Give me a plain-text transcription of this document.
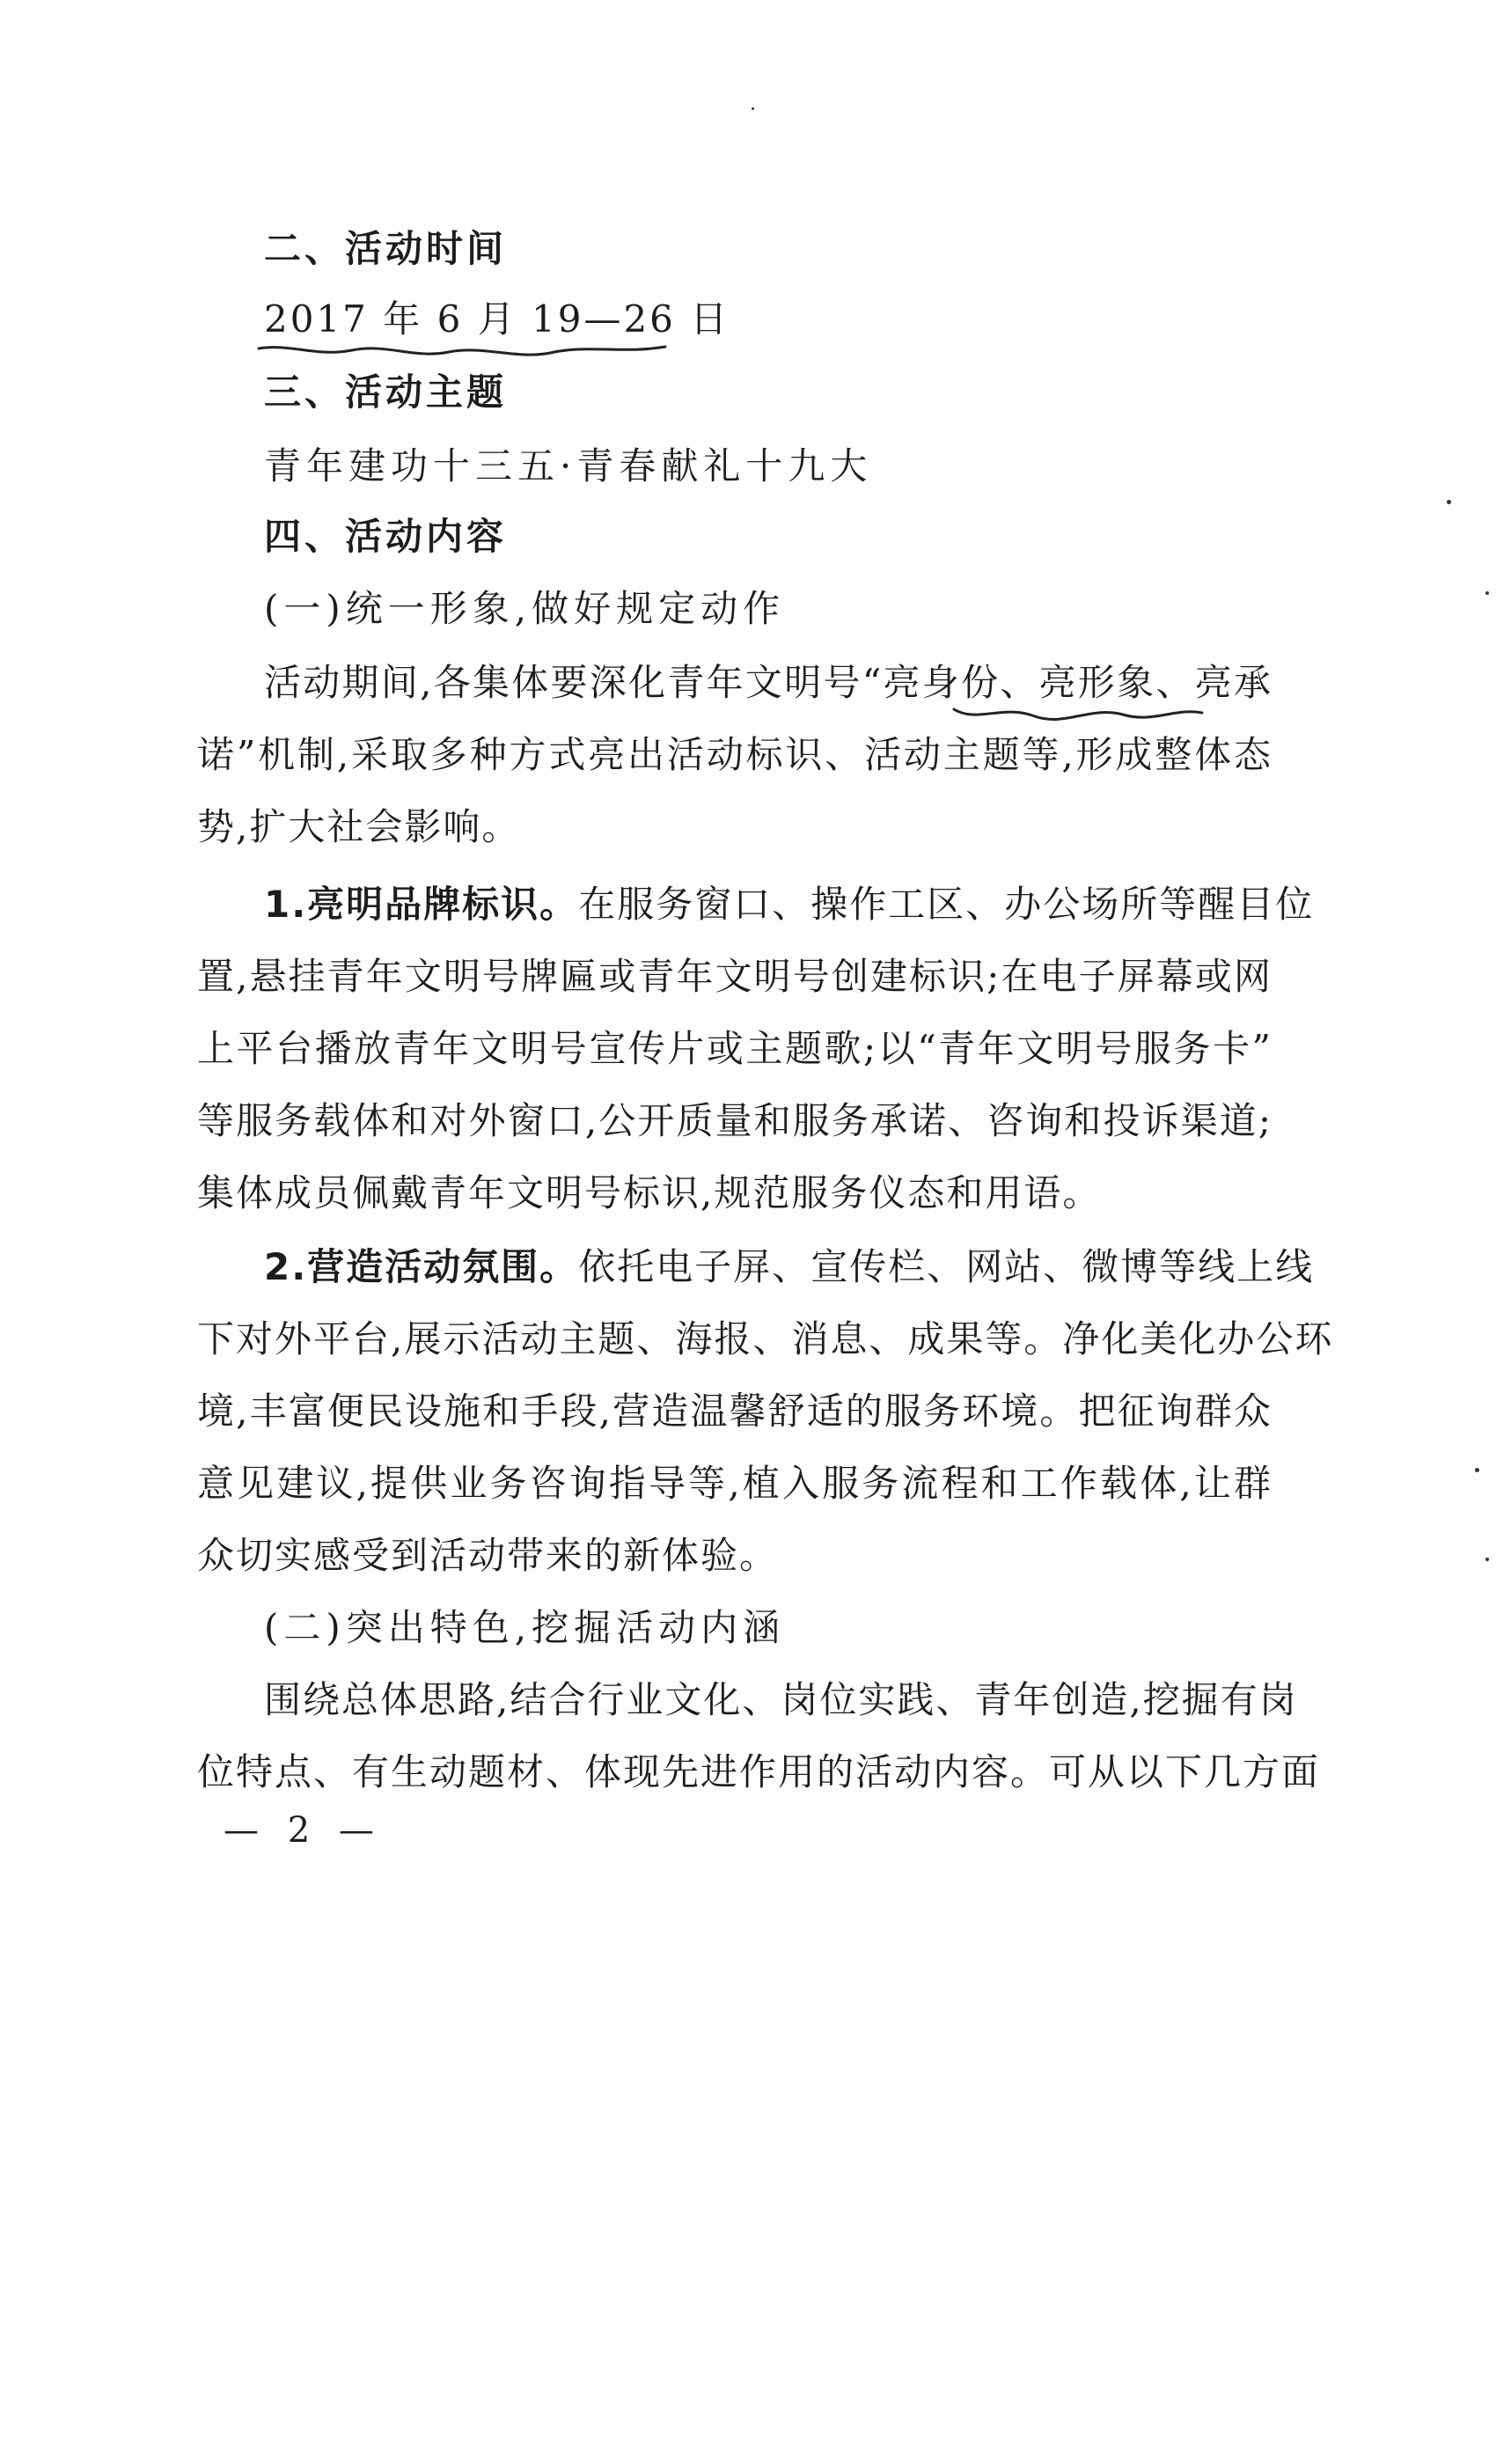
二、活动时间
2017 年 6 月 19—26 日
三、活动主题
青年建功十三五·青春献礼十九大
四、活动内容
(一)统一形象,做好规定动作
活动期间,各集体要深化青年文明号“亮身份、亮形象、亮承
诺”机制,采取多种方式亮出活动标识、活动主题等,形成整体态
势,扩大社会影响。
1.亮明品牌标识。在服务窗口、操作工区、办公场所等醒目位
置,悬挂青年文明号牌匾或青年文明号创建标识;在电子屏幕或网
上平台播放青年文明号宣传片或主题歌;以“青年文明号服务卡”
等服务载体和对外窗口,公开质量和服务承诺、咨询和投诉渠道;
集体成员佩戴青年文明号标识,规范服务仪态和用语。
2.营造活动氛围。依托电子屏、宣传栏、网站、微博等线上线
下对外平台,展示活动主题、海报、消息、成果等。净化美化办公环
境,丰富便民设施和手段,营造温馨舒适的服务环境。把征询群众
意见建议,提供业务咨询指导等,植入服务流程和工作载体,让群
众切实感受到活动带来的新体验。
(二)突出特色,挖掘活动内涵
围绕总体思路,结合行业文化、岗位实践、青年创造,挖掘有岗
位特点、有生动题材、体现先进作用的活动内容。可从以下几方面
— 2 —
